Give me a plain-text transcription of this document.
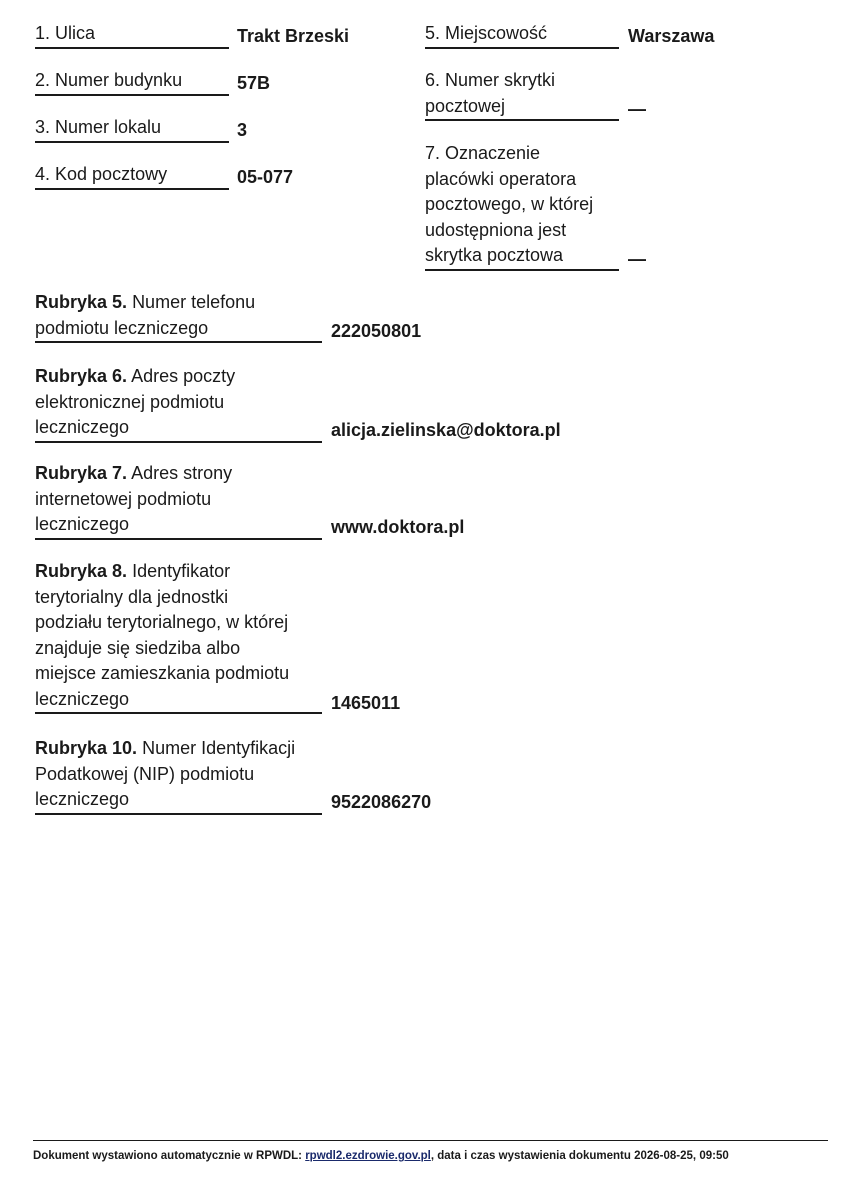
1. Ulica	Trakt Brzeski
2. Numer budynku	57B
3. Numer lokalu	3
4. Kod pocztowy	05-077
5. Miejscowość	Warszawa
6. Numer skrytki
pocztowej	—
7. Oznaczenie
placówki operatora
pocztowego, w której
udostępniona jest
skrytka pocztowa	—
Rubryka 5. Numer telefonu
podmiotu leczniczego	222050801
Rubryka 6. Adres poczty
elektronicznej podmiotu
leczniczego	alicja.zielinska@doktora.pl
Rubryka 7. Adres strony
internetowej podmiotu
leczniczego	www.doktora.pl
Rubryka 8. Identyfikator
terytorialny dla jednostki
podziału terytorialnego, w której
znajduje się siedziba albo
miejsce zamieszkania podmiotu
leczniczego	1465011
Rubryka 10. Numer Identyfikacji
Podatkowej (NIP) podmiotu
leczniczego	9522086270
Dokument wystawiono automatycznie w RPWDL: rpwdl2.ezdrowie.gov.pl, data i czas wystawienia dokumentu 2026-08-25, 09:50
